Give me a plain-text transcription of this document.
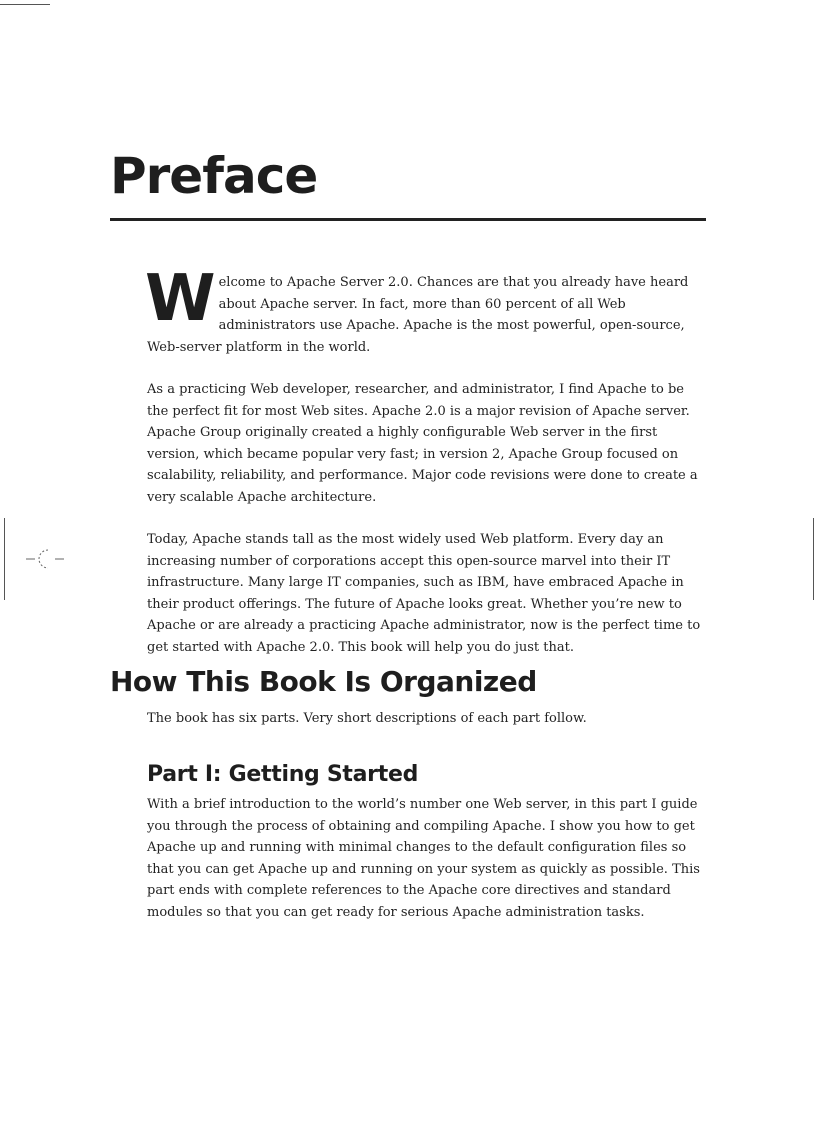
Preface

Welcome to Apache Server 2.0. Chances are that you already have heard about Apache server. In fact, more than 60 percent of all Web administrators use Apache. Apache is the most powerful, open-source, Web-server platform in the world.

As a practicing Web developer, researcher, and administrator, I find Apache to be the perfect fit for most Web sites. Apache 2.0 is a major revision of Apache server. Apache Group originally created a highly configurable Web server in the first version, which became popular very fast; in version 2, Apache Group focused on scalability, reliability, and performance. Major code revisions were done to create a very scalable Apache architecture.

Today, Apache stands tall as the most widely used Web platform. Every day an increasing number of corporations accept this open-source marvel into their IT infrastructure. Many large IT companies, such as IBM, have embraced Apache in their product offerings. The future of Apache looks great. Whether you’re new to Apache or are already a practicing Apache administrator, now is the perfect time to get started with Apache 2.0. This book will help you do just that.

How This Book Is Organized

The book has six parts. Very short descriptions of each part follow.

Part I: Getting Started

With a brief introduction to the world’s number one Web server, in this part I guide you through the process of obtaining and compiling Apache. I show you how to get Apache up and running with minimal changes to the default configuration files so that you can get Apache up and running on your system as quickly as possible. This part ends with complete references to the Apache core directives and standard modules so that you can get ready for serious Apache administration tasks.
